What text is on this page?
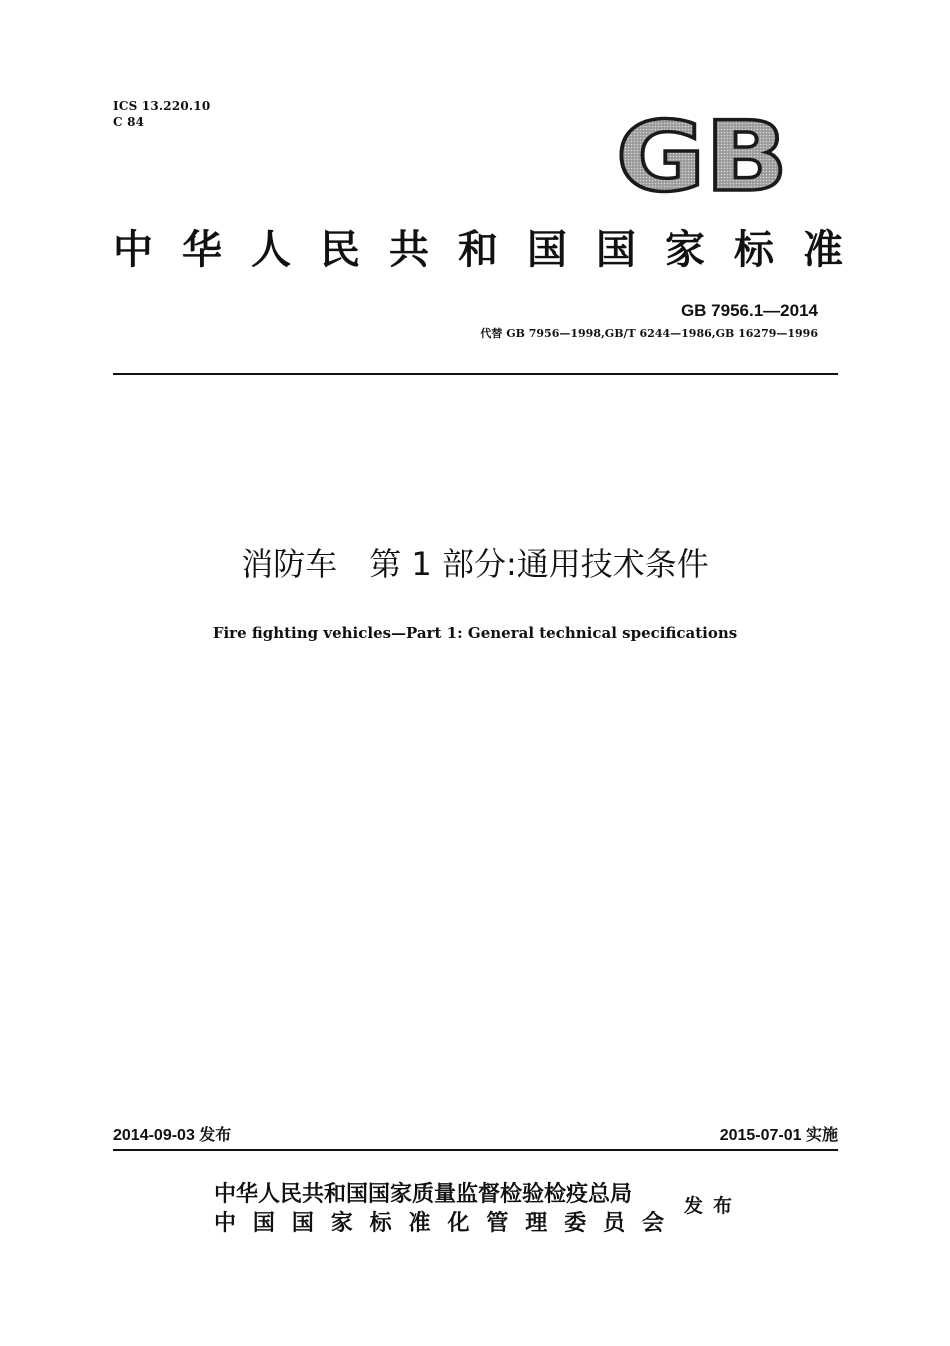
ICS 13.220.10
C 84	GB
中华人民共和国国家标准
GB 7956.1—2014
代替 GB 7956—1998,GB/T 6244—1986,GB 16279—1996
消防车　第 1 部分:通用技术条件
Fire fighting vehicles—Part 1: General technical specifications
2014-09-03 发布	2015-07-01 实施
中华人民共和国国家质量监督检验检疫总局
中国国家标准化管理委员会
发布
